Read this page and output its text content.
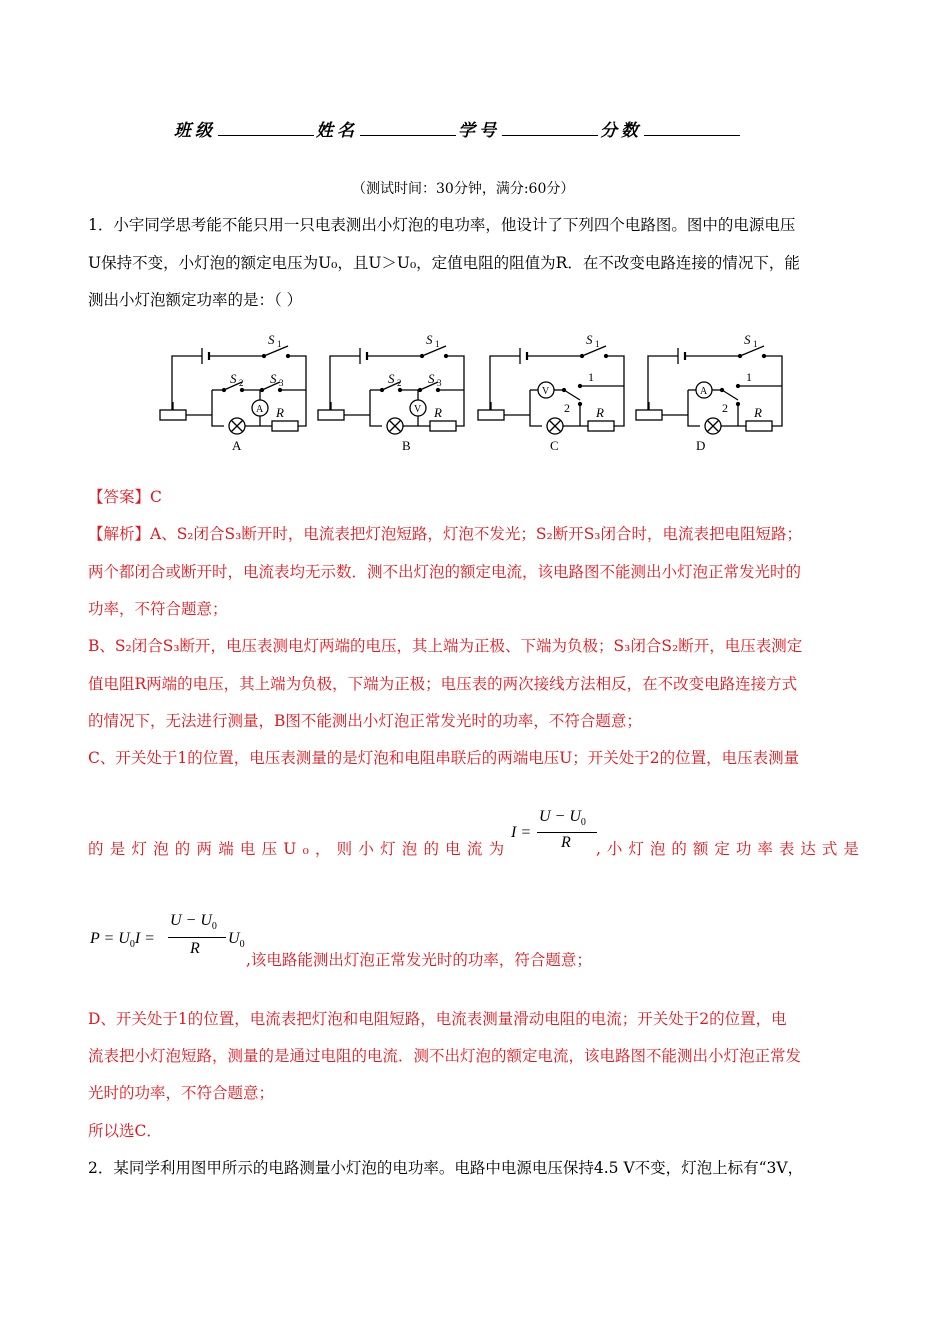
班级	姓名	学号	分数
（测试时间：30分钟，满分:60分）
1．小宇同学思考能不能只用一只电表测出小灯泡的电功率，他设计了下列四个电路图。图中的电源电压
U保持不变，小灯泡的额定电压为U₀，且U＞U₀，定值电阻的阻值为R．在不改变电路连接的情况下，能
测出小灯泡额定功率的是：（ ）
S 1
S 2 S 3
A R
A
S 1
S 2 S 3
V R
B
S 1
V
1
2 R
C
S 1
A
1
2 R
D
【答案】C
【解析】A、S₂闭合S₃断开时，电流表把灯泡短路，灯泡不发光；S₂断开S₃闭合时，电流表把电阻短路；
两个都闭合或断开时，电流表均无示数．测不出灯泡的额定电流，该电路图不能测出小灯泡正常发光时的
功率，不符合题意；
B、S₂闭合S₃断开，电压表测电灯两端的电压，其上端为正极、下端为负极；S₃闭合S₂断开，电压表测定
值电阻R两端的电压，其上端为负极，下端为正极；电压表的两次接线方法相反，在不改变电路连接方式
的情况下，无法进行测量，B图不能测出小灯泡正常发光时的功率，不符合题意；
C、开关处于1的位置，电压表测量的是灯泡和电阻串联后的两端电压U；开关处于2的位置，电压表测量
的是灯泡的两端电压U₀，则小灯泡的电流为
I =
$U - U_0$
R ,小灯泡的额定功率表达式是
$P = U_0I$ =
$U - U_0$
R
$U_0$
,该电路能测出灯泡正常发光时的功率，符合题意；
D、开关处于1的位置，电流表把灯泡和电阻短路，电流表测量滑动电阻的电流；开关处于2的位置，电
流表把小灯泡短路，测量的是通过电阻的电流．测不出灯泡的额定电流，该电路图不能测出小灯泡正常发
光时的功率，不符合题意；
所以选C．
2．某同学利用图甲所示的电路测量小灯泡的电功率。电路中电源电压保持4.5 V不变，灯泡上标有“3V，
